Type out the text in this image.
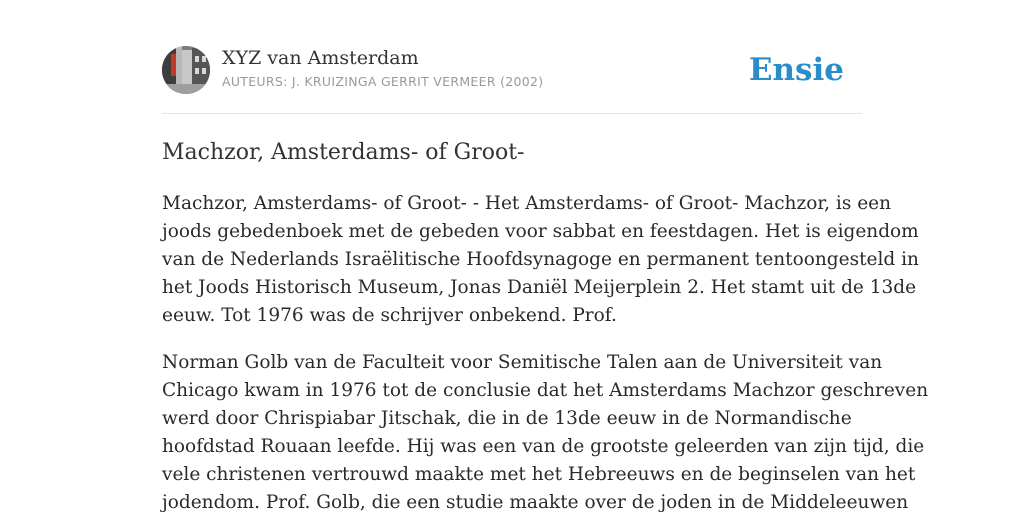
XYZ van Amsterdam
AUTEURS: J. KRUIZINGA GERRIT VERMEER (2002)	Ensie
Machzor, Amsterdams- of Groot-

Machzor, Amsterdams- of Groot- - Het Amsterdams- of Groot- Machzor, is een
joods gebedenboek met de gebeden voor sabbat en feestdagen. Het is eigendom
van de Nederlands Israëlitische Hoofdsynagoge en permanent tentoongesteld in
het Joods Historisch Museum, Jonas Daniël Meijerplein 2. Het stamt uit de 13de
eeuw. Tot 1976 was de schrijver onbekend. Prof.

Norman Golb van de Faculteit voor Semitische Talen aan de Universiteit van
Chicago kwam in 1976 tot de conclusie dat het Amsterdams Machzor geschreven
werd door Chrispiabar Jitschak, die in de 13de eeuw in de Normandische
hoofdstad Rouaan leefde. Hij was een van de grootste geleerden van zijn tijd, die
vele christenen vertrouwd maakte met het Hebreeuws en de beginselen van het
jodendom. Prof. Golb, die een studie maakte over de joden in de Middeleeuwen
